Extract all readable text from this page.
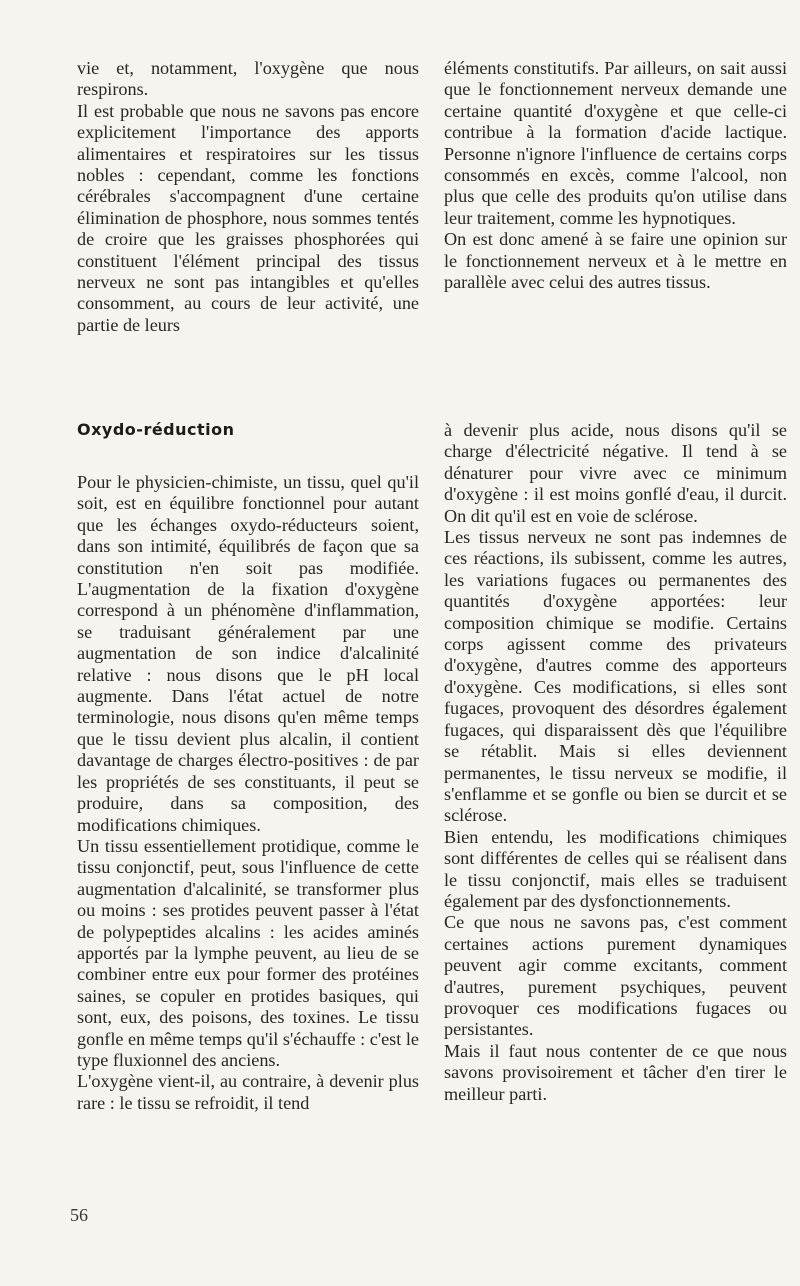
vie et, notamment, l'oxygène que nous respirons.

Il est probable que nous ne savons pas encore explicitement l'importance des apports alimentaires et respiratoires sur les tissus nobles : cependant, comme les fonctions cérébrales s'accompagnent d'une certaine élimination de phosphore, nous sommes tentés de croire que les graisses phosphorées qui constituent l'élément principal des tissus nerveux ne sont pas intangibles et qu'elles consomment, au cours de leur activité, une partie de leurs

éléments constitutifs. Par ailleurs, on sait aussi que le fonctionnement nerveux demande une certaine quantité d'oxygène et que celle-ci contribue à la formation d'acide lactique. Personne n'ignore l'influence de certains corps consommés en excès, comme l'alcool, non plus que celle des produits qu'on utilise dans leur traitement, comme les hypnotiques.

On est donc amené à se faire une opinion sur le fonctionnement nerveux et à le mettre en parallèle avec celui des autres tissus.

Oxydo-réduction

Pour le physicien-chimiste, un tissu, quel qu'il soit, est en équilibre fonctionnel pour autant que les échanges oxydo-réducteurs soient, dans son intimité, équilibrés de façon que sa constitution n'en soit pas modifiée. L'augmentation de la fixation d'oxygène correspond à un phénomène d'inflammation, se traduisant généralement par une augmentation de son indice d'alcalinité relative : nous disons que le pH local augmente. Dans l'état actuel de notre terminologie, nous disons qu'en même temps que le tissu devient plus alcalin, il contient davantage de charges électro-positives : de par les propriétés de ses constituants, il peut se produire, dans sa composition, des modifications chimiques.

Un tissu essentiellement protidique, comme le tissu conjonctif, peut, sous l'influence de cette augmentation d'alcalinité, se transformer plus ou moins : ses protides peuvent passer à l'état de polypeptides alcalins : les acides aminés apportés par la lymphe peuvent, au lieu de se combiner entre eux pour former des protéines saines, se copuler en protides basiques, qui sont, eux, des poisons, des toxines. Le tissu gonfle en même temps qu'il s'échauffe : c'est le type fluxionnel des anciens.

L'oxygène vient-il, au contraire, à devenir plus rare : le tissu se refroidit, il tend

à devenir plus acide, nous disons qu'il se charge d'électricité négative. Il tend à se dénaturer pour vivre avec ce minimum d'oxygène : il est moins gonflé d'eau, il durcit. On dit qu'il est en voie de sclérose.

Les tissus nerveux ne sont pas indemnes de ces réactions, ils subissent, comme les autres, les variations fugaces ou permanentes des quantités d'oxygène apportées: leur composition chimique se modifie. Certains corps agissent comme des privateurs d'oxygène, d'autres comme des apporteurs d'oxygène. Ces modifications, si elles sont fugaces, provoquent des désordres également fugaces, qui disparaissent dès que l'équilibre se rétablit. Mais si elles deviennent permanentes, le tissu nerveux se modifie, il s'enflamme et se gonfle ou bien se durcit et se sclérose.

Bien entendu, les modifications chimiques sont différentes de celles qui se réalisent dans le tissu conjonctif, mais elles se traduisent également par des dysfonctionnements.

Ce que nous ne savons pas, c'est comment certaines actions purement dynamiques peuvent agir comme excitants, comment d'autres, purement psychiques, peuvent provoquer ces modifications fugaces ou persistantes.

Mais il faut nous contenter de ce que nous savons provisoirement et tâcher d'en tirer le meilleur parti.

56
